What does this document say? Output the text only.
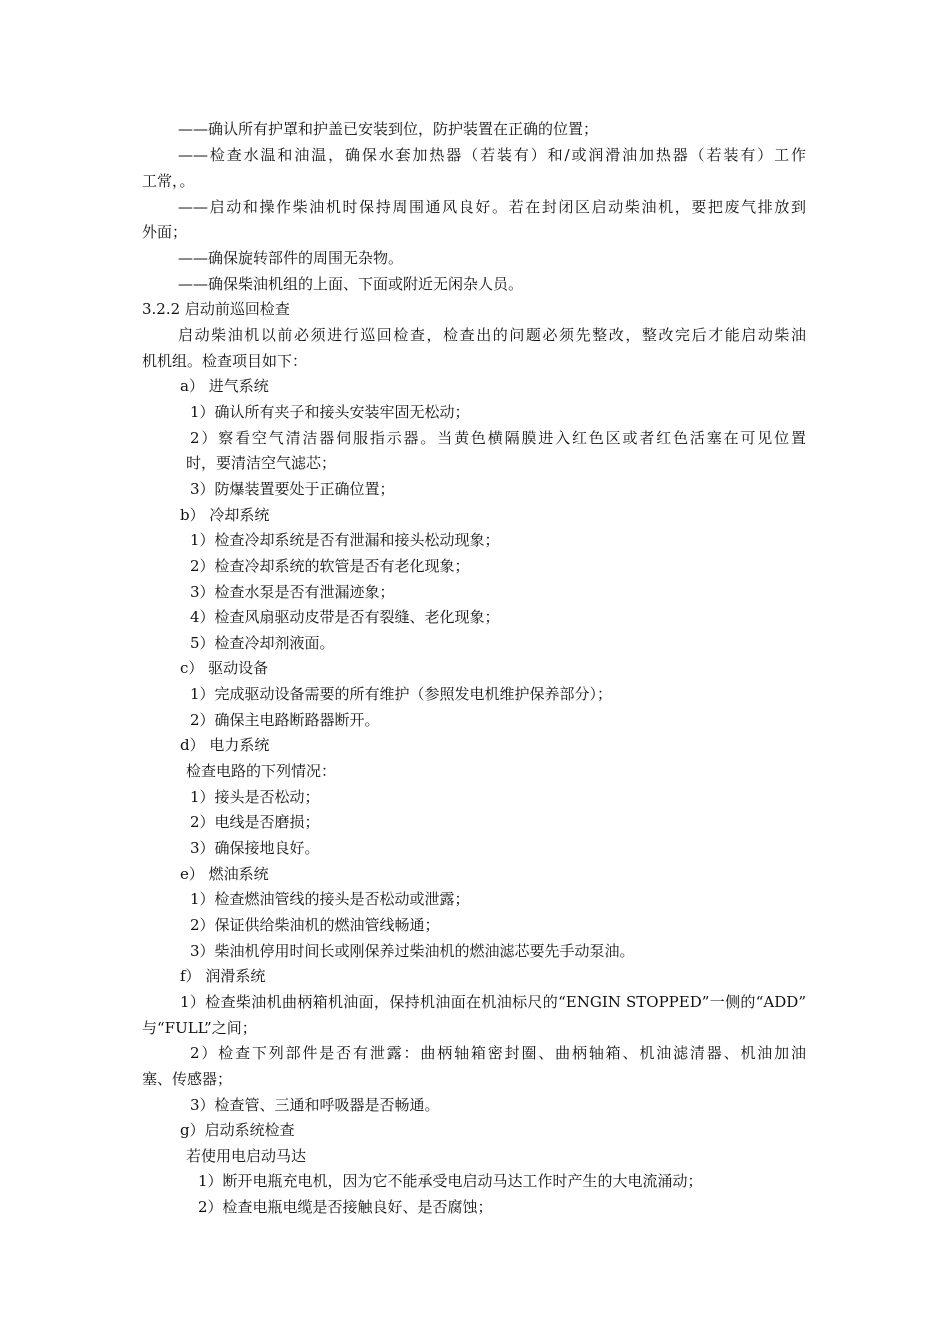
——确认所有护罩和护盖已安装到位，防护装置在正确的位置；
——检查水温和油温，确保水套加热器（若装有）和/或润滑油加热器（若装有）工作
工常，。
——启动和操作柴油机时保持周围通风良好。若在封闭区启动柴油机，要把废气排放到
外面；
——确保旋转部件的周围无杂物。
——确保柴油机组的上面、下面或附近无闲杂人员。
3.2.2 启动前巡回检查
启动柴油机以前必须进行巡回检查，检查出的问题必须先整改，整改完后才能启动柴油
机机组。检查项目如下：
a） 进气系统
1）确认所有夹子和接头安装牢固无松动；
2）察看空气清洁器伺服指示器。当黄色横隔膜进入红色区或者红色活塞在可见位置
时，要清洁空气滤芯；
3）防爆装置要处于正确位置；
b） 冷却系统
1）检查冷却系统是否有泄漏和接头松动现象；
2）检查冷却系统的软管是否有老化现象；
3）检查水泵是否有泄漏迹象；
4）检查风扇驱动皮带是否有裂缝、老化现象；
5）检查冷却剂液面。
c） 驱动设备
1）完成驱动设备需要的所有维护（参照发电机维护保养部分）；
2）确保主电路断路器断开。
d） 电力系统
检查电路的下列情况：
1）接头是否松动；
2）电线是否磨损；
3）确保接地良好。
e） 燃油系统
1）检查燃油管线的接头是否松动或泄露；
2）保证供给柴油机的燃油管线畅通；
3）柴油机停用时间长或刚保养过柴油机的燃油滤芯要先手动泵油。
f） 润滑系统
1）检查柴油机曲柄箱机油面，保持机油面在机油标尺的“ENGIN STOPPED”一侧的“ADD”
与“FULL”之间；
2）检查下列部件是否有泄露：曲柄轴箱密封圈、曲柄轴箱、机油滤清器、机油加油
塞、传感器；
3）检查管、三通和呼吸器是否畅通。
g）启动系统检查
若使用电启动马达
1）断开电瓶充电机，因为它不能承受电启动马达工作时产生的大电流涌动；
2）检查电瓶电缆是否接触良好、是否腐蚀；
